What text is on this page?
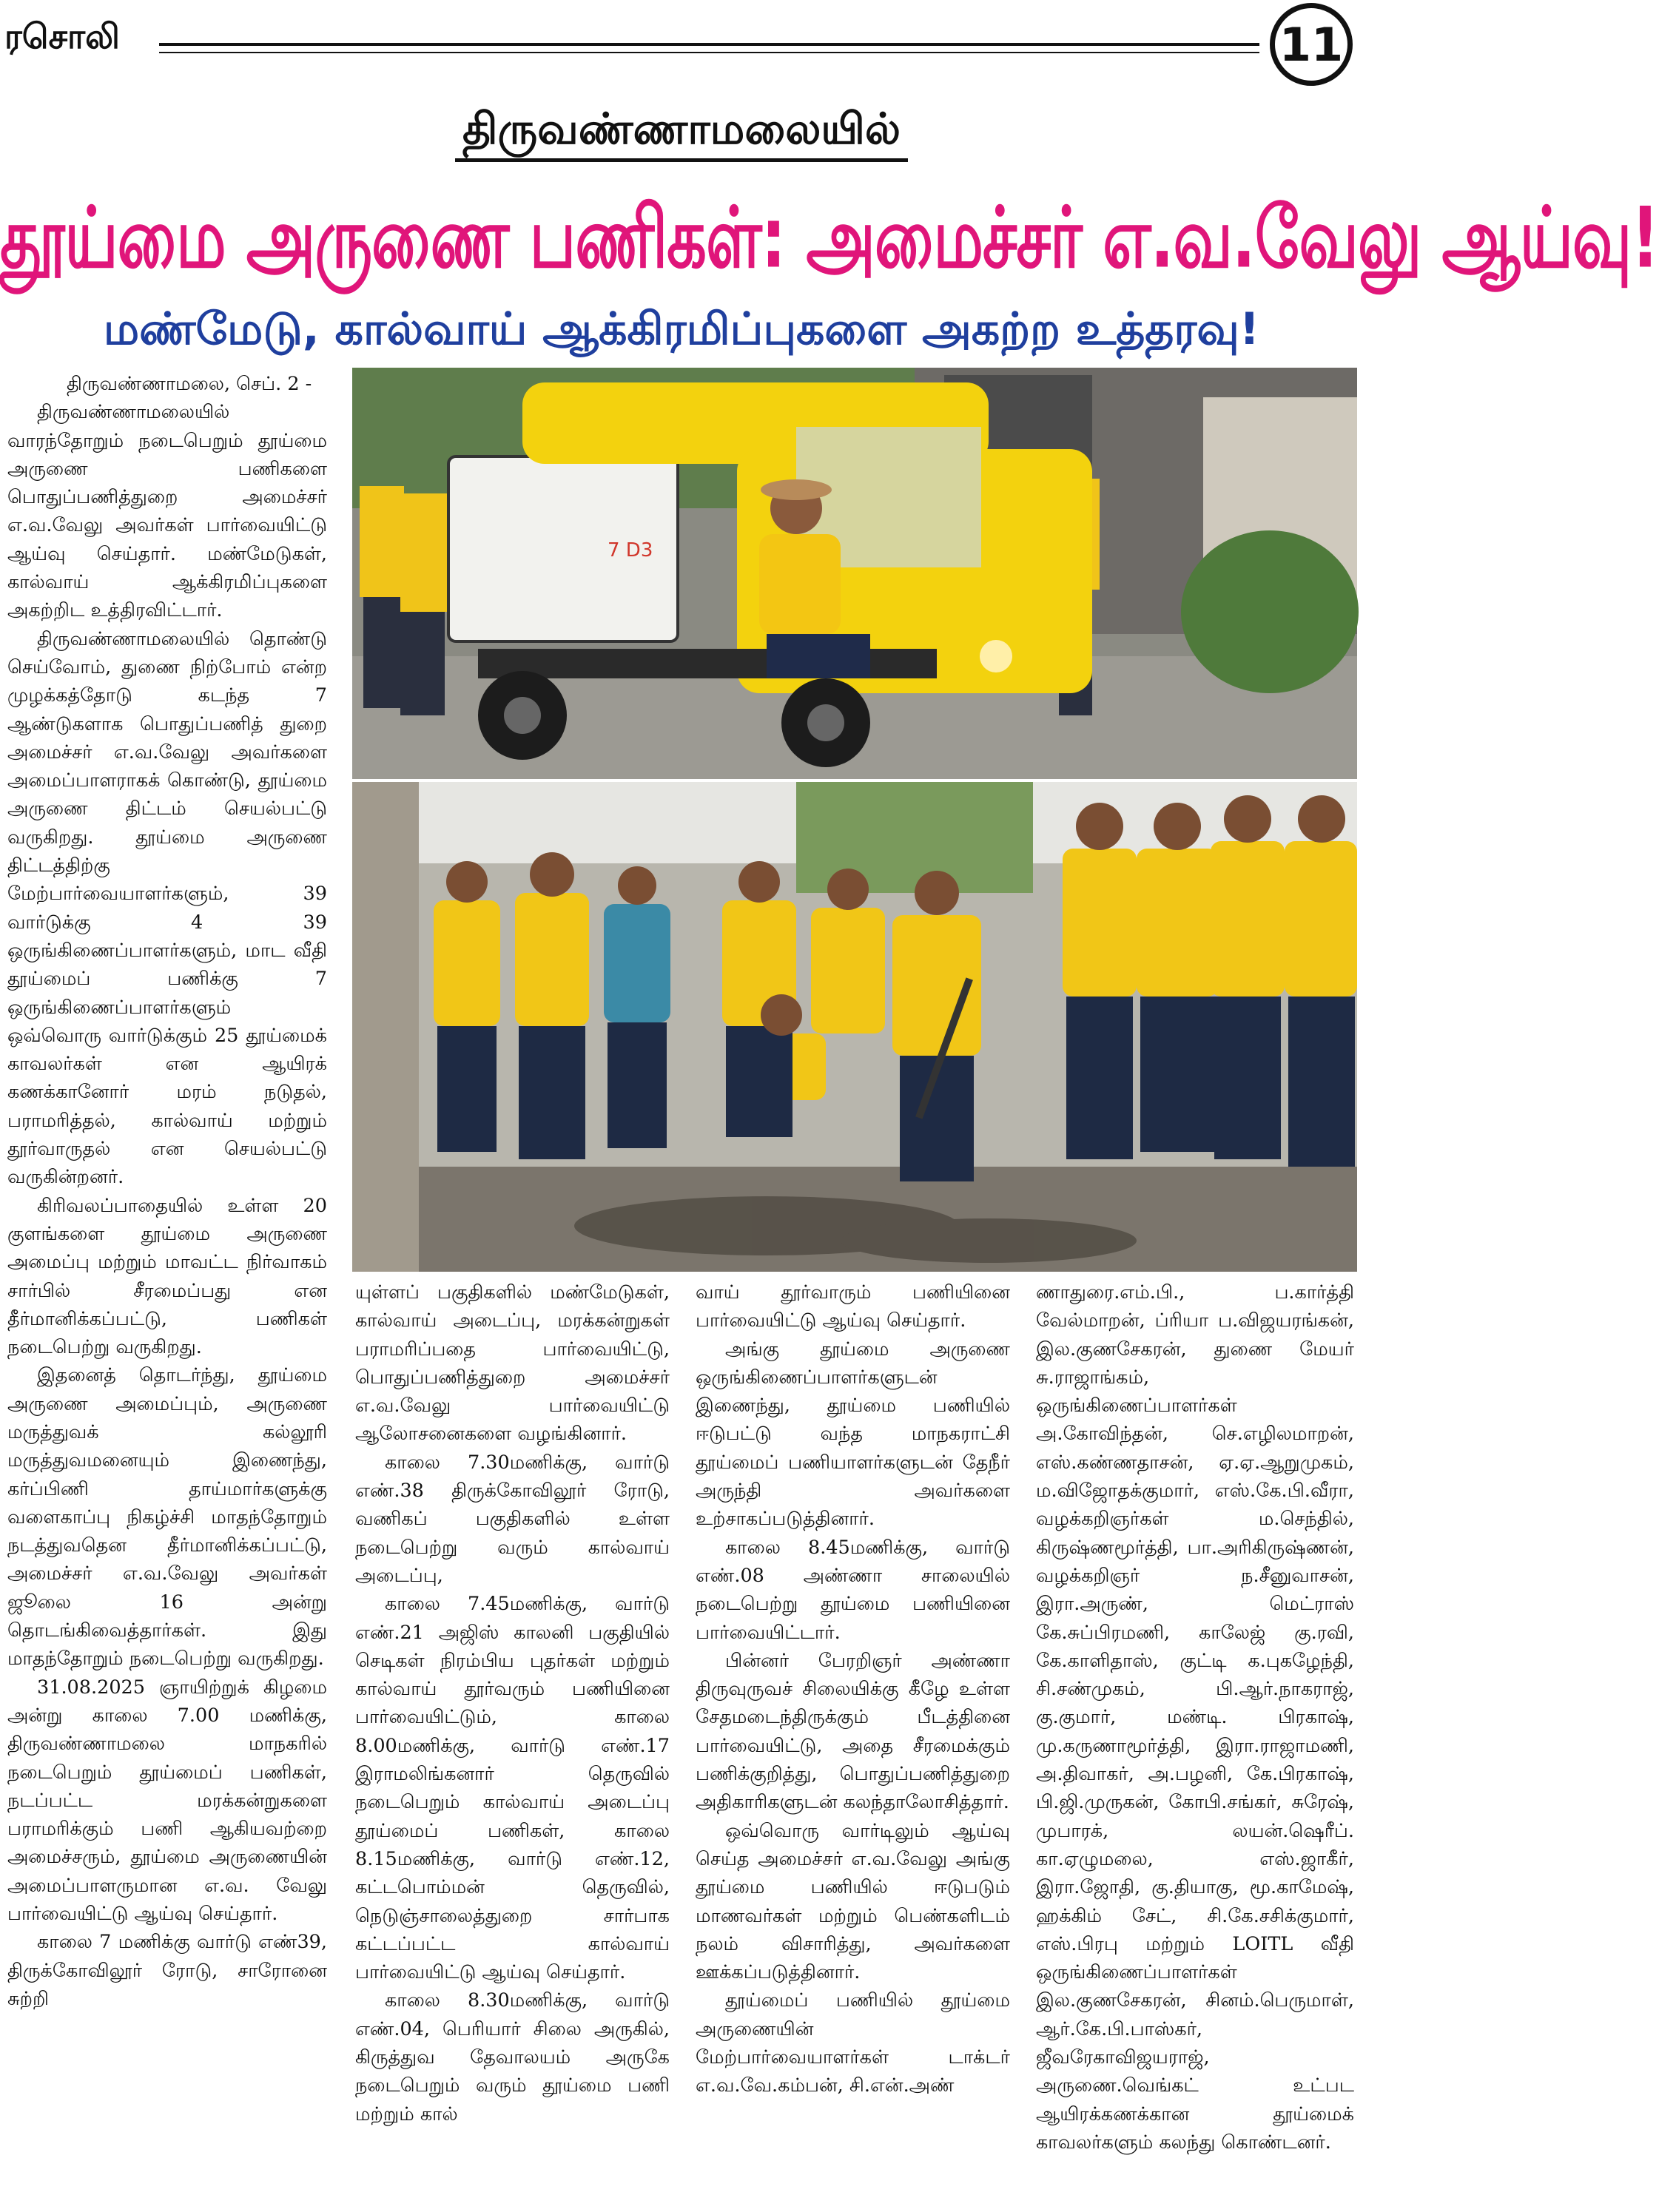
ரசொலி	11
திருவண்ணாமலையில்
தூய்மை அருணை பணிகள்: அமைச்சர் எ.வ.வேலு ஆய்வு!
மண்மேடு, கால்வாய் ஆக்கிரமிப்புகளை அகற்ற உத்தரவு!
7 D3

திருவண்ணாமலை, செப். 2 -

திருவண்ணாமலையில் வாரந்தோறும் நடைபெறும் தூய்மை அருணை பணிகளை பொதுப்பணித்துறை அமைச்சர் எ.வ.வேலு அவர்கள் பார்வையிட்டு ஆய்வு செய்தார். மண்மேடுகள், கால்வாய் ஆக்கிரமிப்புகளை அகற்றிட உத்திரவிட்டார்.

திருவண்ணாமலையில் தொண்டு செய்வோம், துணை நிற்போம் என்ற முழக்கத்தோடு கடந்த 7 ஆண்டுகளாக பொதுப்பணித் துறை அமைச்சர் எ.வ.வேலு அவர்களை அமைப்பாளராகக் கொண்டு, தூய்மை அருணை திட்டம் செயல்பட்டு வருகிறது. தூய்மை அருணை திட்டத்திற்கு மேற்பார்வையாளர்களும், 39 வார்டுக்கு 4 39 ஒருங்கிணைப்பாளர்களும், மாட வீதி தூய்மைப் பணிக்கு 7 ஒருங்கிணைப்பாளர்களும் ஒவ்வொரு வார்டுக்கும் 25 தூய்மைக் காவலர்கள் என ஆயிரக் கணக்கானோர் மரம் நடுதல், பராமரித்தல், கால்வாய் மற்றும் தூர்வாருதல் என செயல்பட்டு வருகின்றனர்.

கிரிவலப்பாதையில் உள்ள 20 குளங்களை தூய்மை அருணை அமைப்பு மற்றும் மாவட்ட நிர்வாகம் சார்பில் சீரமைப்பது என தீர்மானிக்கப்பட்டு, பணிகள் நடைபெற்று வருகிறது.

இதனைத் தொடர்ந்து, தூய்மை அருணை அமைப்பும், அருணை மருத்துவக் கல்லூரி மருத்துவமனையும் இணைந்து, கர்ப்பிணி தாய்மார்களுக்கு வளைகாப்பு நிகழ்ச்சி மாதந்தோறும் நடத்துவதென தீர்மானிக்கப்பட்டு, அமைச்சர் எ.வ.வேலு அவர்கள் ஜூலை 16 அன்று தொடங்கிவைத்தார்கள். இது மாதந்தோறும் நடைபெற்று வருகிறது.

31.08.2025 ஞாயிற்றுக் கிழமை அன்று காலை 7.00 மணிக்கு, திருவண்ணாமலை மாநகரில் நடைபெறும் தூய்மைப் பணிகள், நடப்பட்ட மரக்கன்றுகளை பராமரிக்கும் பணி ஆகியவற்றை அமைச்சரும், தூய்மை அருணையின் அமைப்பாளருமான எ.வ. வேலு பார்வையிட்டு ஆய்வு செய்தார்.

காலை 7 மணிக்கு வார்டு எண்39, திருக்கோவிலூர் ரோடு, சாரோனை சுற்றி

யுள்ளப் பகுதிகளில் மண்மேடுகள், கால்வாய் அடைப்பு, மரக்கன்றுகள் பராமரிப்பதை பார்வையிட்டு, பொதுப்பணித்துறை அமைச்சர் எ.வ.வேலு பார்வையிட்டு ஆலோசனைகளை வழங்கினார்.

காலை 7.30மணிக்கு, வார்டு எண்.38 திருக்கோவிலூர் ரோடு, வணிகப் பகுதிகளில் உள்ள நடைபெற்று வரும் கால்வாய் அடைப்பு,

காலை 7.45மணிக்கு, வார்டு எண்.21 அஜிஸ் காலனி பகுதியில் செடிகள் நிரம்பிய புதர்கள் மற்றும் கால்வாய் தூர்வரும் பணியினை பார்வையிட்டும், காலை 8.00மணிக்கு, வார்டு எண்.17 இராமலிங்கனார் தெருவில் நடைபெறும் கால்வாய் அடைப்பு தூய்மைப் பணிகள், காலை 8.15மணிக்கு, வார்டு எண்.12, கட்டபொம்மன் தெருவில், நெடுஞ்சாலைத்துறை சார்பாக கட்டப்பட்ட கால்வாய் பார்வையிட்டு ஆய்வு செய்தார்.

காலை 8.30மணிக்கு, வார்டு எண்.04, பெரியார் சிலை அருகில், கிருத்துவ தேவாலயம் அருகே நடைபெறும் வரும் தூய்மை பணி மற்றும் கால்

வாய் தூர்வாரும் பணியினை பார்வையிட்டு ஆய்வு செய்தார்.

அங்கு தூய்மை அருணை ஒருங்கிணைப்பாளர்களுடன் இணைந்து, தூய்மை பணியில் ஈடுபட்டு வந்த மாநகராட்சி தூய்மைப் பணியாளர்களுடன் தேநீர் அருந்தி அவர்களை உற்சாகப்படுத்தினார்.

காலை 8.45மணிக்கு, வார்டு எண்.08 அண்ணா சாலையில் நடைபெற்று தூய்மை பணியினை பார்வையிட்டார்.

பின்னர் பேரறிஞர் அண்ணா திருவுருவச் சிலையிக்கு கீழே உள்ள சேதமடைந்திருக்கும் பீடத்தினை பார்வையிட்டு, அதை சீரமைக்கும் பணிக்குறித்து, பொதுப்பணித்துறை அதிகாரிகளுடன் கலந்தாலோசித்தார்.

ஒவ்வொரு வார்டிலும் ஆய்வு செய்த அமைச்சர் எ.வ.வேலு அங்கு தூய்மை பணியில் ஈடுபடும் மாணவர்கள் மற்றும் பெண்களிடம் நலம் விசாரித்து, அவர்களை ஊக்கப்படுத்தினார்.

தூய்மைப் பணியில் தூய்மை அருணையின் மேற்பார்வையாளர்கள் டாக்டர் எ.வ.வே.கம்பன், சி.என்.அண்

ணாதுரை.எம்.பி., ப.கார்த்தி வேல்மாறன், ப்ரியா ப.விஜயரங்கன், இல.குணசேகரன், துணை மேயர் சு.ராஜாங்கம், ஒருங்கிணைப்பாளர்கள் அ.கோவிந்தன், செ.எழிலமாறன், எஸ்.கண்ணதாசன், ஏ.ஏ.ஆறுமுகம், ம.விஜோதக்குமார், எஸ்.கே.பி.வீரா, வழக்கறிஞர்கள் ம.செந்தில், கிருஷ்ணமூர்த்தி, பா.அரிகிருஷ்ணன், வழக்கறிஞர் ந.சீனுவாசன், இரா.அருண், மெட்ராஸ் கே.சுப்பிரமணி, காலேஜ் கு.ரவி, கே.காளிதாஸ், குட்டி க.புகழேந்தி, சி.சண்முகம், பி.ஆர்.நாகராஜ், கு.குமார், மண்டி. பிரகாஷ், மு.கருணாமூர்த்தி, இரா.ராஜாமணி, அ.திவாகர், அ.பழனி, கே.பிரகாஷ், பி.ஜி.முருகன், கோபி.சங்கர், சுரேஷ், முபாரக், லயன்.ஷெரீப். கா.ஏழுமலை, எஸ்.ஜாகீர், இரா.ஜோதி, கு.தியாகு, மூ.காமேஷ், ஹக்கிம் சேட், சி.கே.சசிக்குமார், எஸ்.பிரபு மற்றும் LOITL வீதி ஒருங்கிணைப்பாளர்கள் இல.குணசேகரன், சினம்.பெருமாள், ஆர்.கே.பி.பாஸ்கர், ஜீவரேகாவிஜயராஜ், அருணை.வெங்கட் உட்பட ஆயிரக்கணக்கான தூய்மைக் காவலர்களும் கலந்து கொண்டனர்.
